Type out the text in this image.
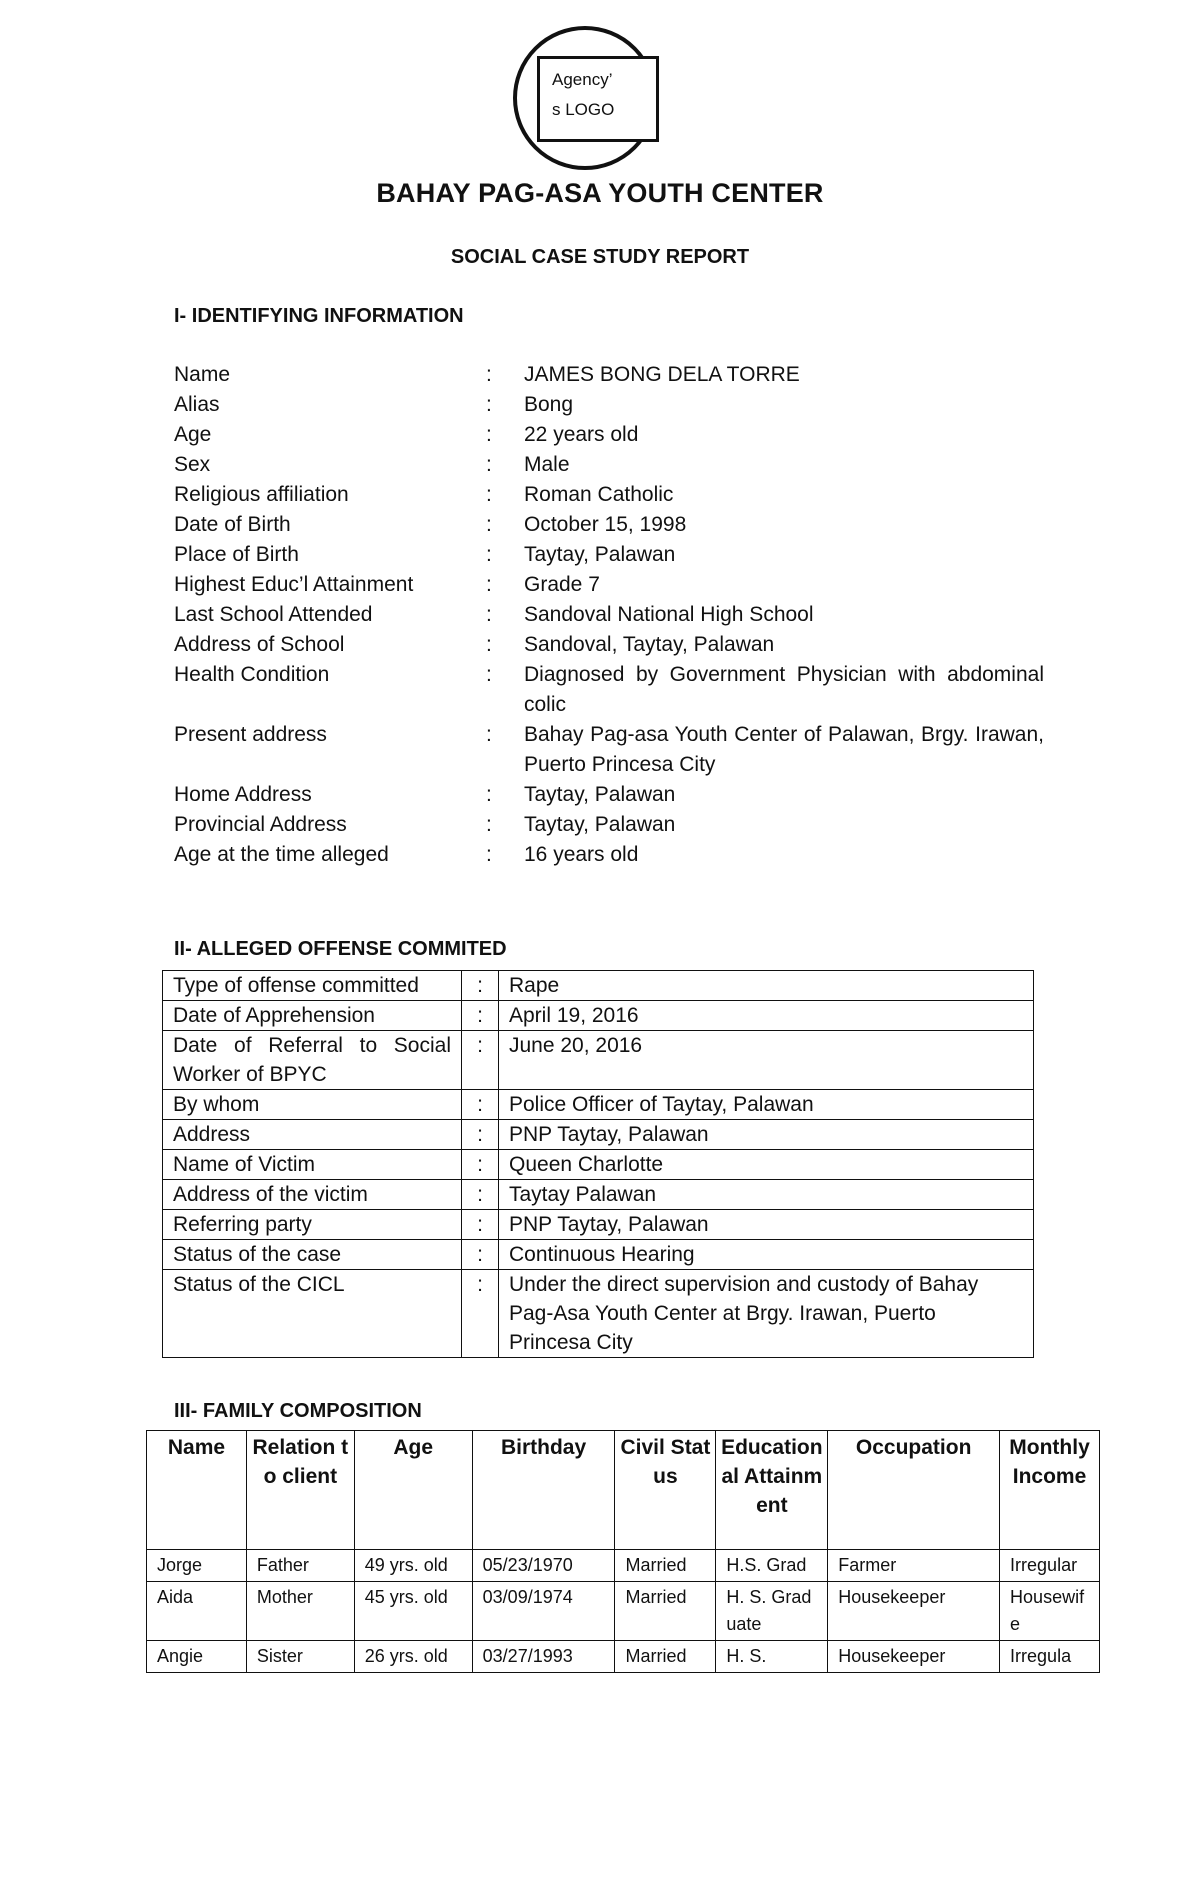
Agency’
s LOGO
BAHAY PAG-ASA YOUTH CENTER
SOCIAL CASE STUDY REPORT
I- IDENTIFYING INFORMATION
Name	:	JAMES BONG DELA TORRE
Alias	:	Bong
Age	:	22 years old
Sex	:	Male
Religious affiliation	:	Roman Catholic
Date of Birth	:	October 15, 1998
Place of Birth	:	Taytay, Palawan
Highest Educ’l Attainment	:	Grade 7
Last School Attended	:	Sandoval National High School
Address of School	:	Sandoval, Taytay, Palawan
Health Condition	:	Diagnosed by Government Physician with abdominal colic
Present address	:	Bahay Pag-asa Youth Center of Palawan, Brgy. Irawan, Puerto Princesa City
Home Address	:	Taytay, Palawan
Provincial Address	:	Taytay, Palawan
Age at the time alleged	:	16 years old
II- ALLEGED OFFENSE COMMITED
Type of offense committed	:	Rape
Date of Apprehension	:	April 19, 2016
Date of Referral to Social Worker of BPYC	:	June 20, 2016
By whom	:	Police Officer of Taytay, Palawan
Address	:	PNP Taytay, Palawan
Name of Victim	:	Queen Charlotte
Address of the victim	:	Taytay Palawan
Referring party	:	PNP Taytay, Palawan
Status of the case	:	Continuous Hearing
Status of the CICL	:	Under the direct supervision and custody of Bahay Pag-Asa Youth Center at Brgy. Irawan, Puerto Princesa City
III- FAMILY COMPOSITION
Name	Relation to client	Age	Birthday	Civil Status	Educational Attainment	Occupation	Monthly Income
Jorge	Father	49 yrs. old	05/23/1970	Married	H.S. Grad	Farmer	Irregular
Aida	Mother	45 yrs. old	03/09/1974	Married	H. S. Graduate	Housekeeper	Housewife
Angie	Sister	26 yrs. old	03/27/1993	Married	H. S.	Housekeeper	Irregula
